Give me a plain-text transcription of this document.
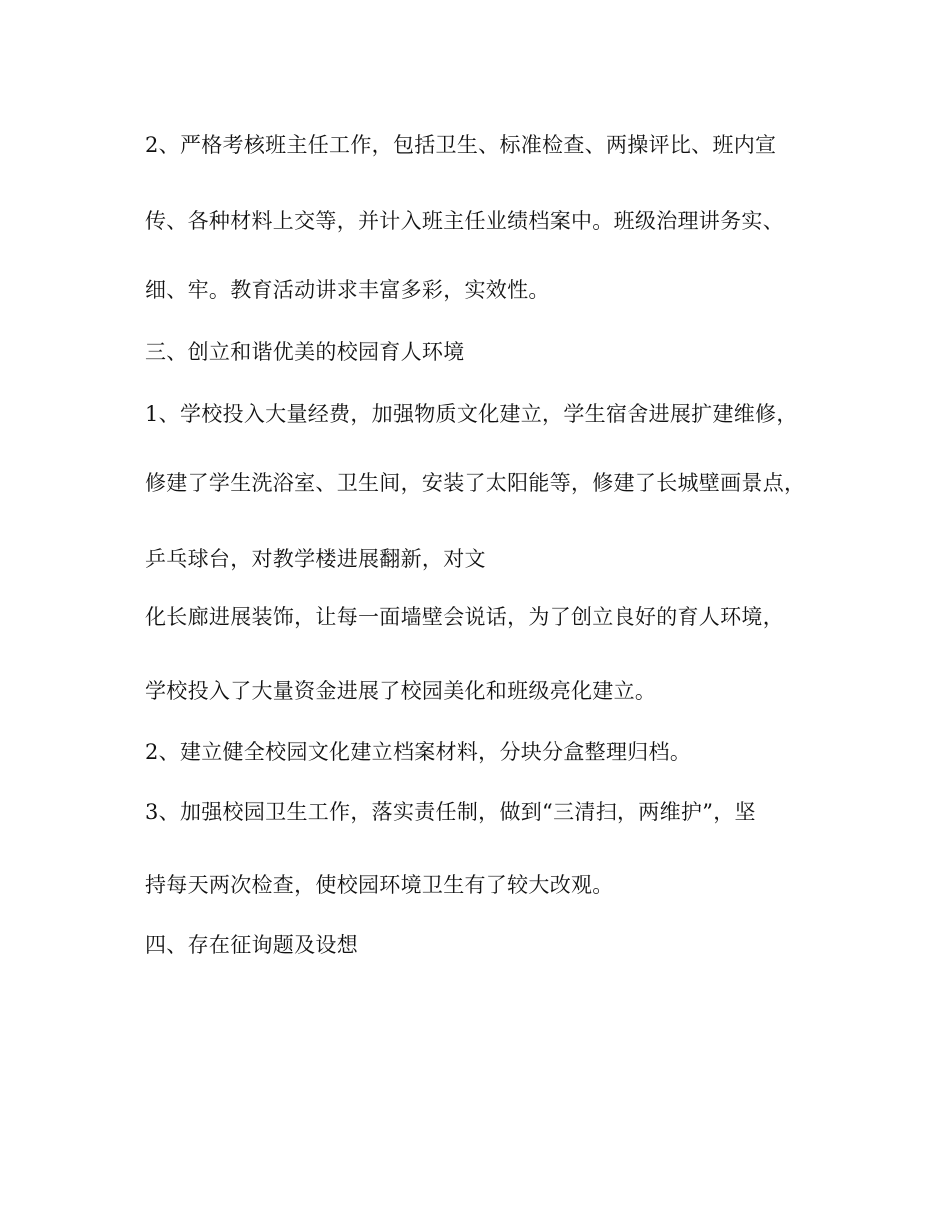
2、严格考核班主任工作，包括卫生、标准检查、两操评比、班内宣
传、各种材料上交等，并计入班主任业绩档案中。班级治理讲务实、
细、牢。教育活动讲求丰富多彩，实效性。
三、创立和谐优美的校园育人环境
1、学校投入大量经费，加强物质文化建立，学生宿舍进展扩建维修，
修建了学生洗浴室、卫生间，安装了太阳能等，修建了长城壁画景点，
乒乓球台，对教学楼进展翻新，对文
化长廊进展装饰，让每一面墙壁会说话，为了创立良好的育人环境，
学校投入了大量资金进展了校园美化和班级亮化建立。
2、建立健全校园文化建立档案材料，分块分盒整理归档。
3、加强校园卫生工作，落实责任制，做到“三清扫，两维护”，坚
持每天两次检查，使校园环境卫生有了较大改观。
四、存在征询题及设想
